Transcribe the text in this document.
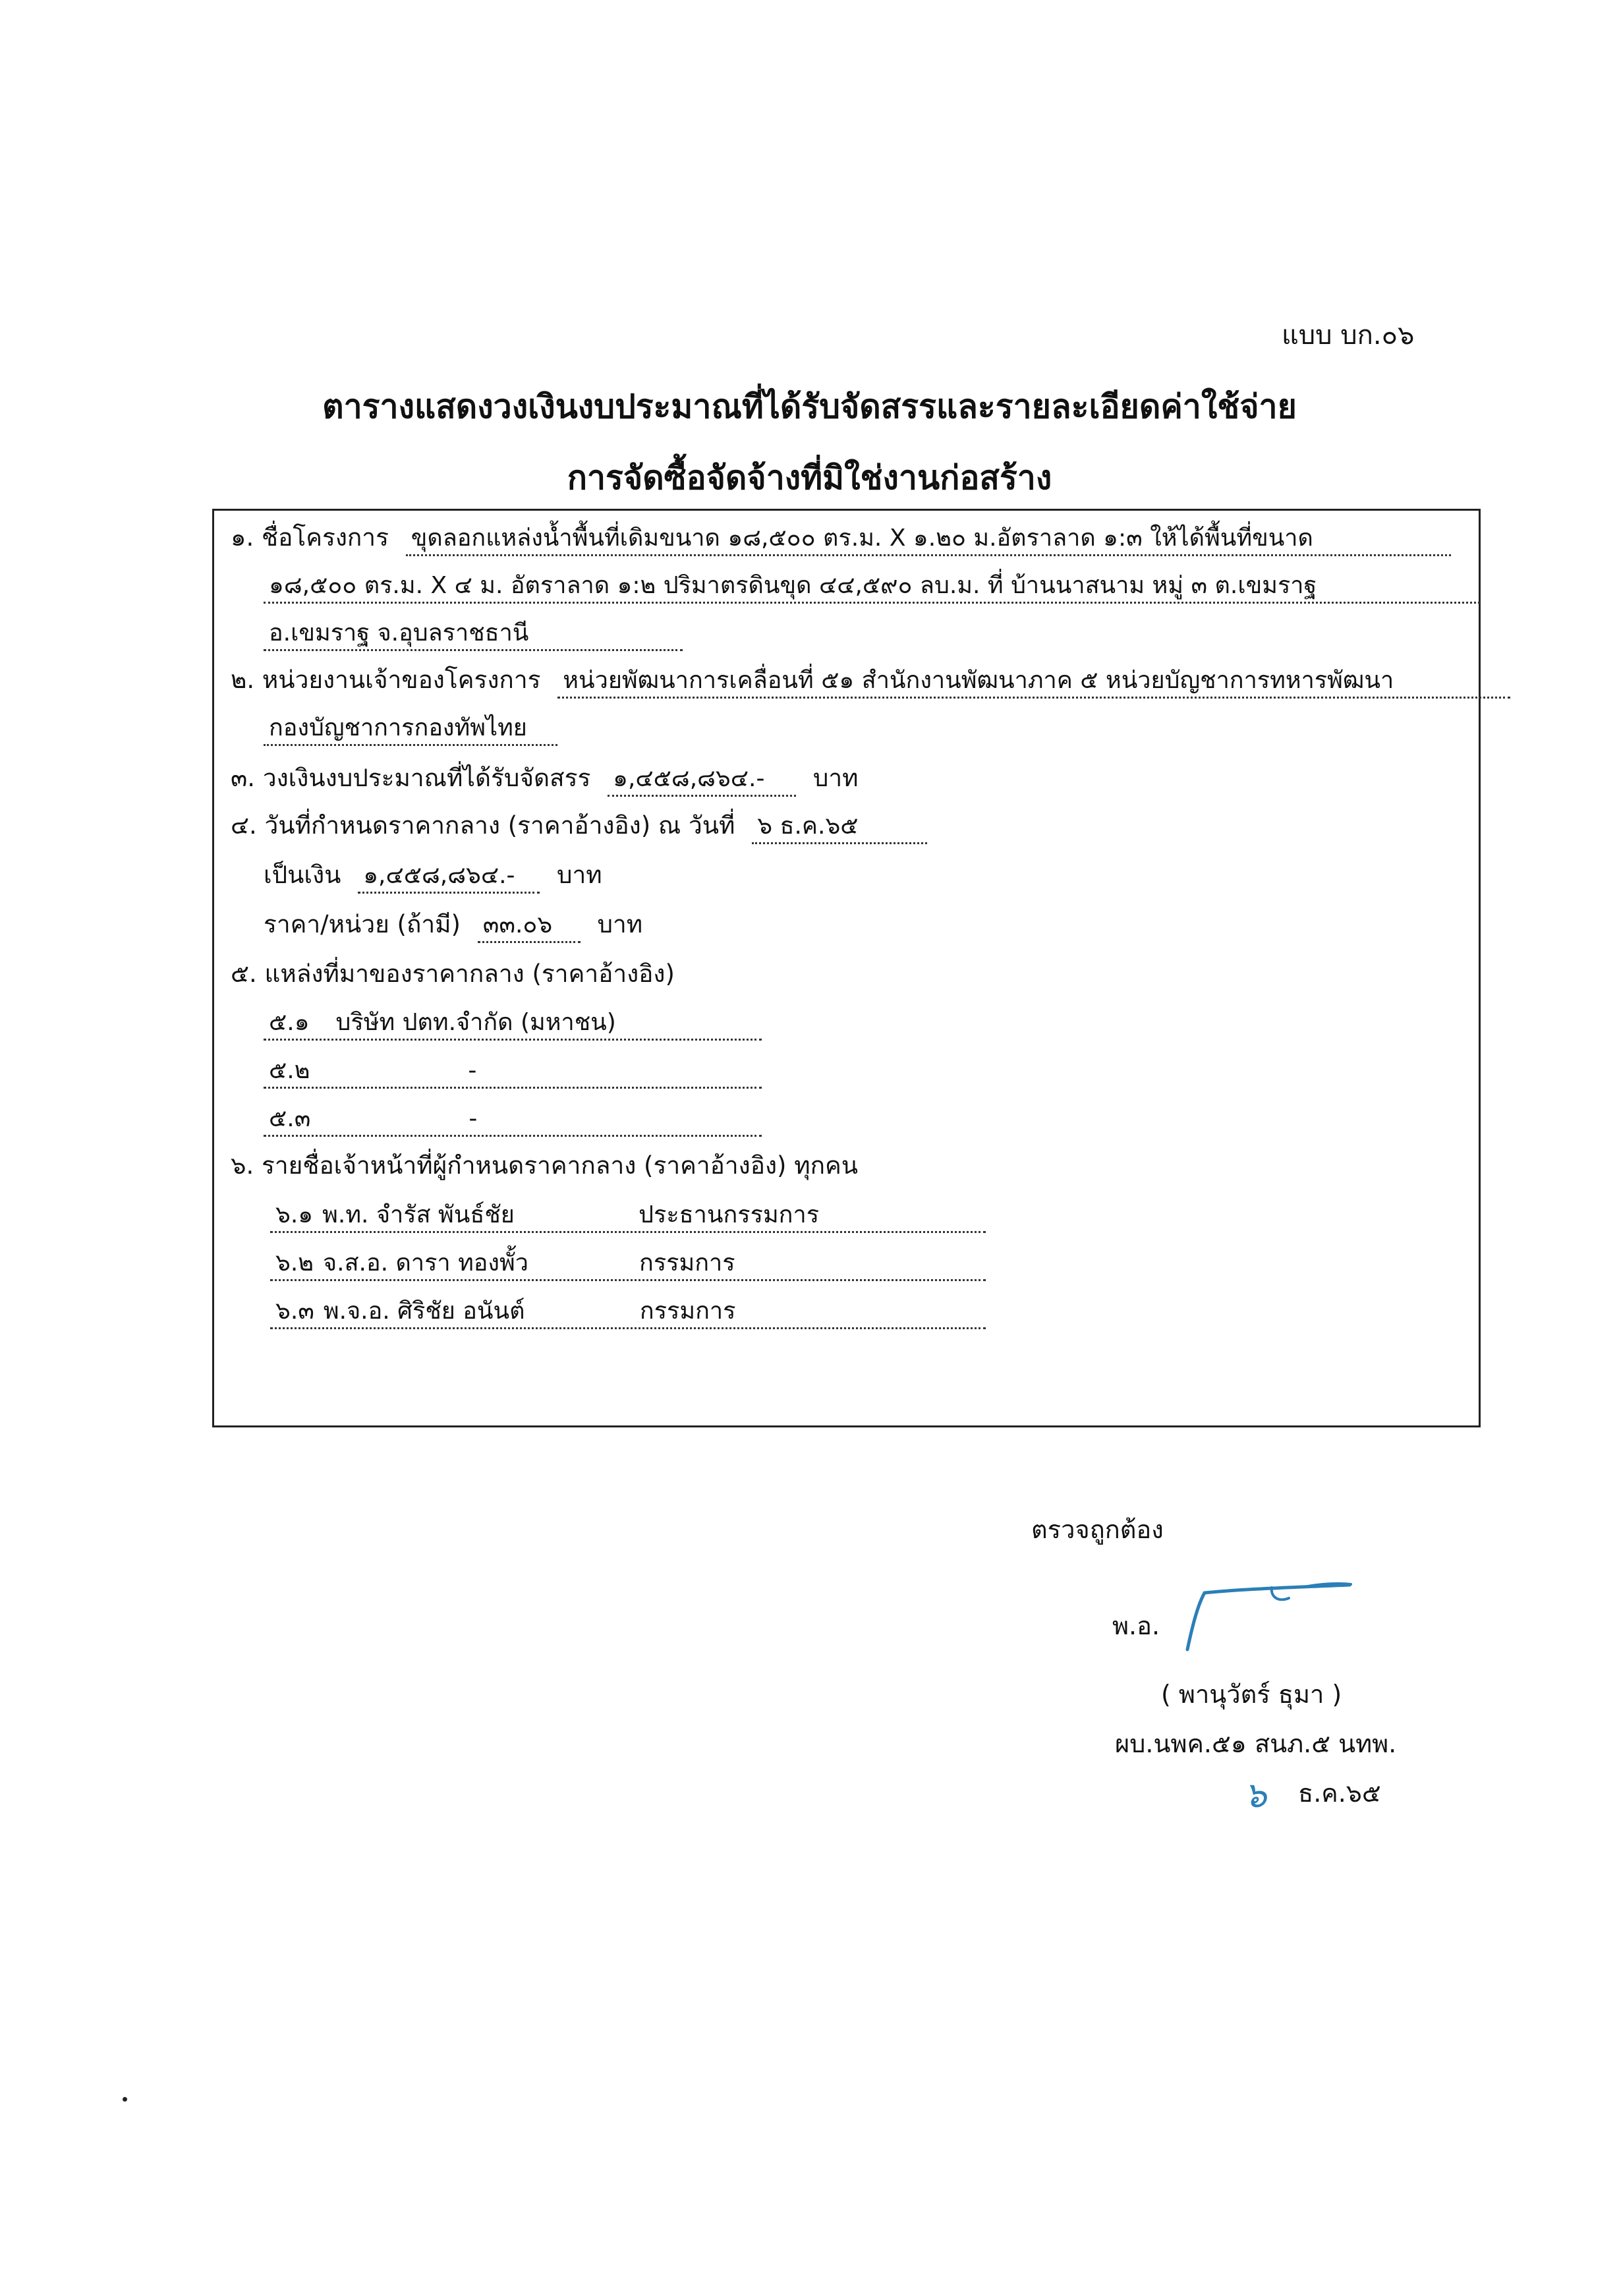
แบบ บก.๐๖
ตารางแสดงวงเงินงบประมาณที่ได้รับจัดสรรและรายละเอียดค่าใช้จ่าย
การจัดซื้อจัดจ้างที่มิใช่งานก่อสร้าง
๑. ชื่อโครงการ ขุดลอกแหล่งน้ำพื้นที่เดิมขนาด ๑๘,๕๐๐ ตร.ม. X ๑.๒๐ ม.อัตราลาด ๑:๓ ให้ได้พื้นที่ขนาด
๑๘,๕๐๐ ตร.ม. X ๔ ม. อัตราลาด ๑:๒ ปริมาตรดินขุด ๔๔,๕๙๐ ลบ.ม. ที่ บ้านนาสนาม หมู่ ๓ ต.เขมราฐ
อ.เขมราฐ จ.อุบลราชธานี
๒. หน่วยงานเจ้าของโครงการ หน่วยพัฒนาการเคลื่อนที่ ๕๑ สำนักงานพัฒนาภาค ๕ หน่วยบัญชาการทหารพัฒนา
กองบัญชาการกองทัพไทย
๓. วงเงินงบประมาณที่ได้รับจัดสรร ๑,๔๕๘,๘๖๔.- บาท
๔. วันที่กำหนดราคากลาง (ราคาอ้างอิง) ณ วันที่ ๖ ธ.ค.๖๕
เป็นเงิน ๑,๔๕๘,๘๖๔.- บาท
ราคา/หน่วย (ถ้ามี) ๓๓.๐๖ บาท
๕. แหล่งที่มาของราคากลาง (ราคาอ้างอิง)
๕.๑ บริษัท ปตท.จำกัด (มหาชน)
๕.๒	-
๕.๓	-
๖. รายชื่อเจ้าหน้าที่ผู้กำหนดราคากลาง (ราคาอ้างอิง) ทุกคน
๖.๑ พ.ท. จำรัส พันธ์ชัย	ประธานกรรมการ
๖.๒ จ.ส.อ. ดารา ทองพั้ว	กรรมการ
๖.๓ พ.จ.อ. ศิริชัย อนันต์	กรรมการ
ตรวจถูกต้อง
พ.อ.
( พานุวัตร์ ธุมา )
ผบ.นพค.๕๑ สนภ.๕ นทพ.
๖ ธ.ค.๖๕
